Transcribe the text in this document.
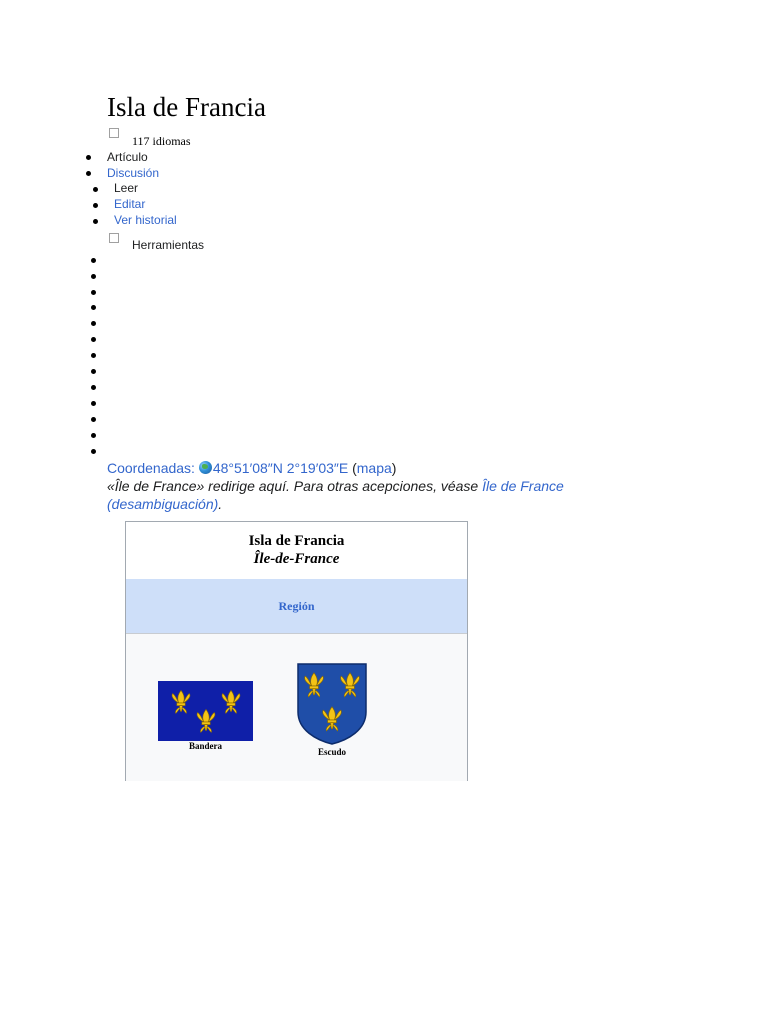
Isla de Francia
117 idiomas
Artículo
Discusión
Leer
Editar
Ver historial
Herramientas
Coordenadas: 48°51′08″N 2°19′03″E (mapa)
«Île de France» redirige aquí. Para otras acepciones, véase Île de France
(desambiguación).
Isla de Francia
Île-de-France
Región
Bandera
Escudo
